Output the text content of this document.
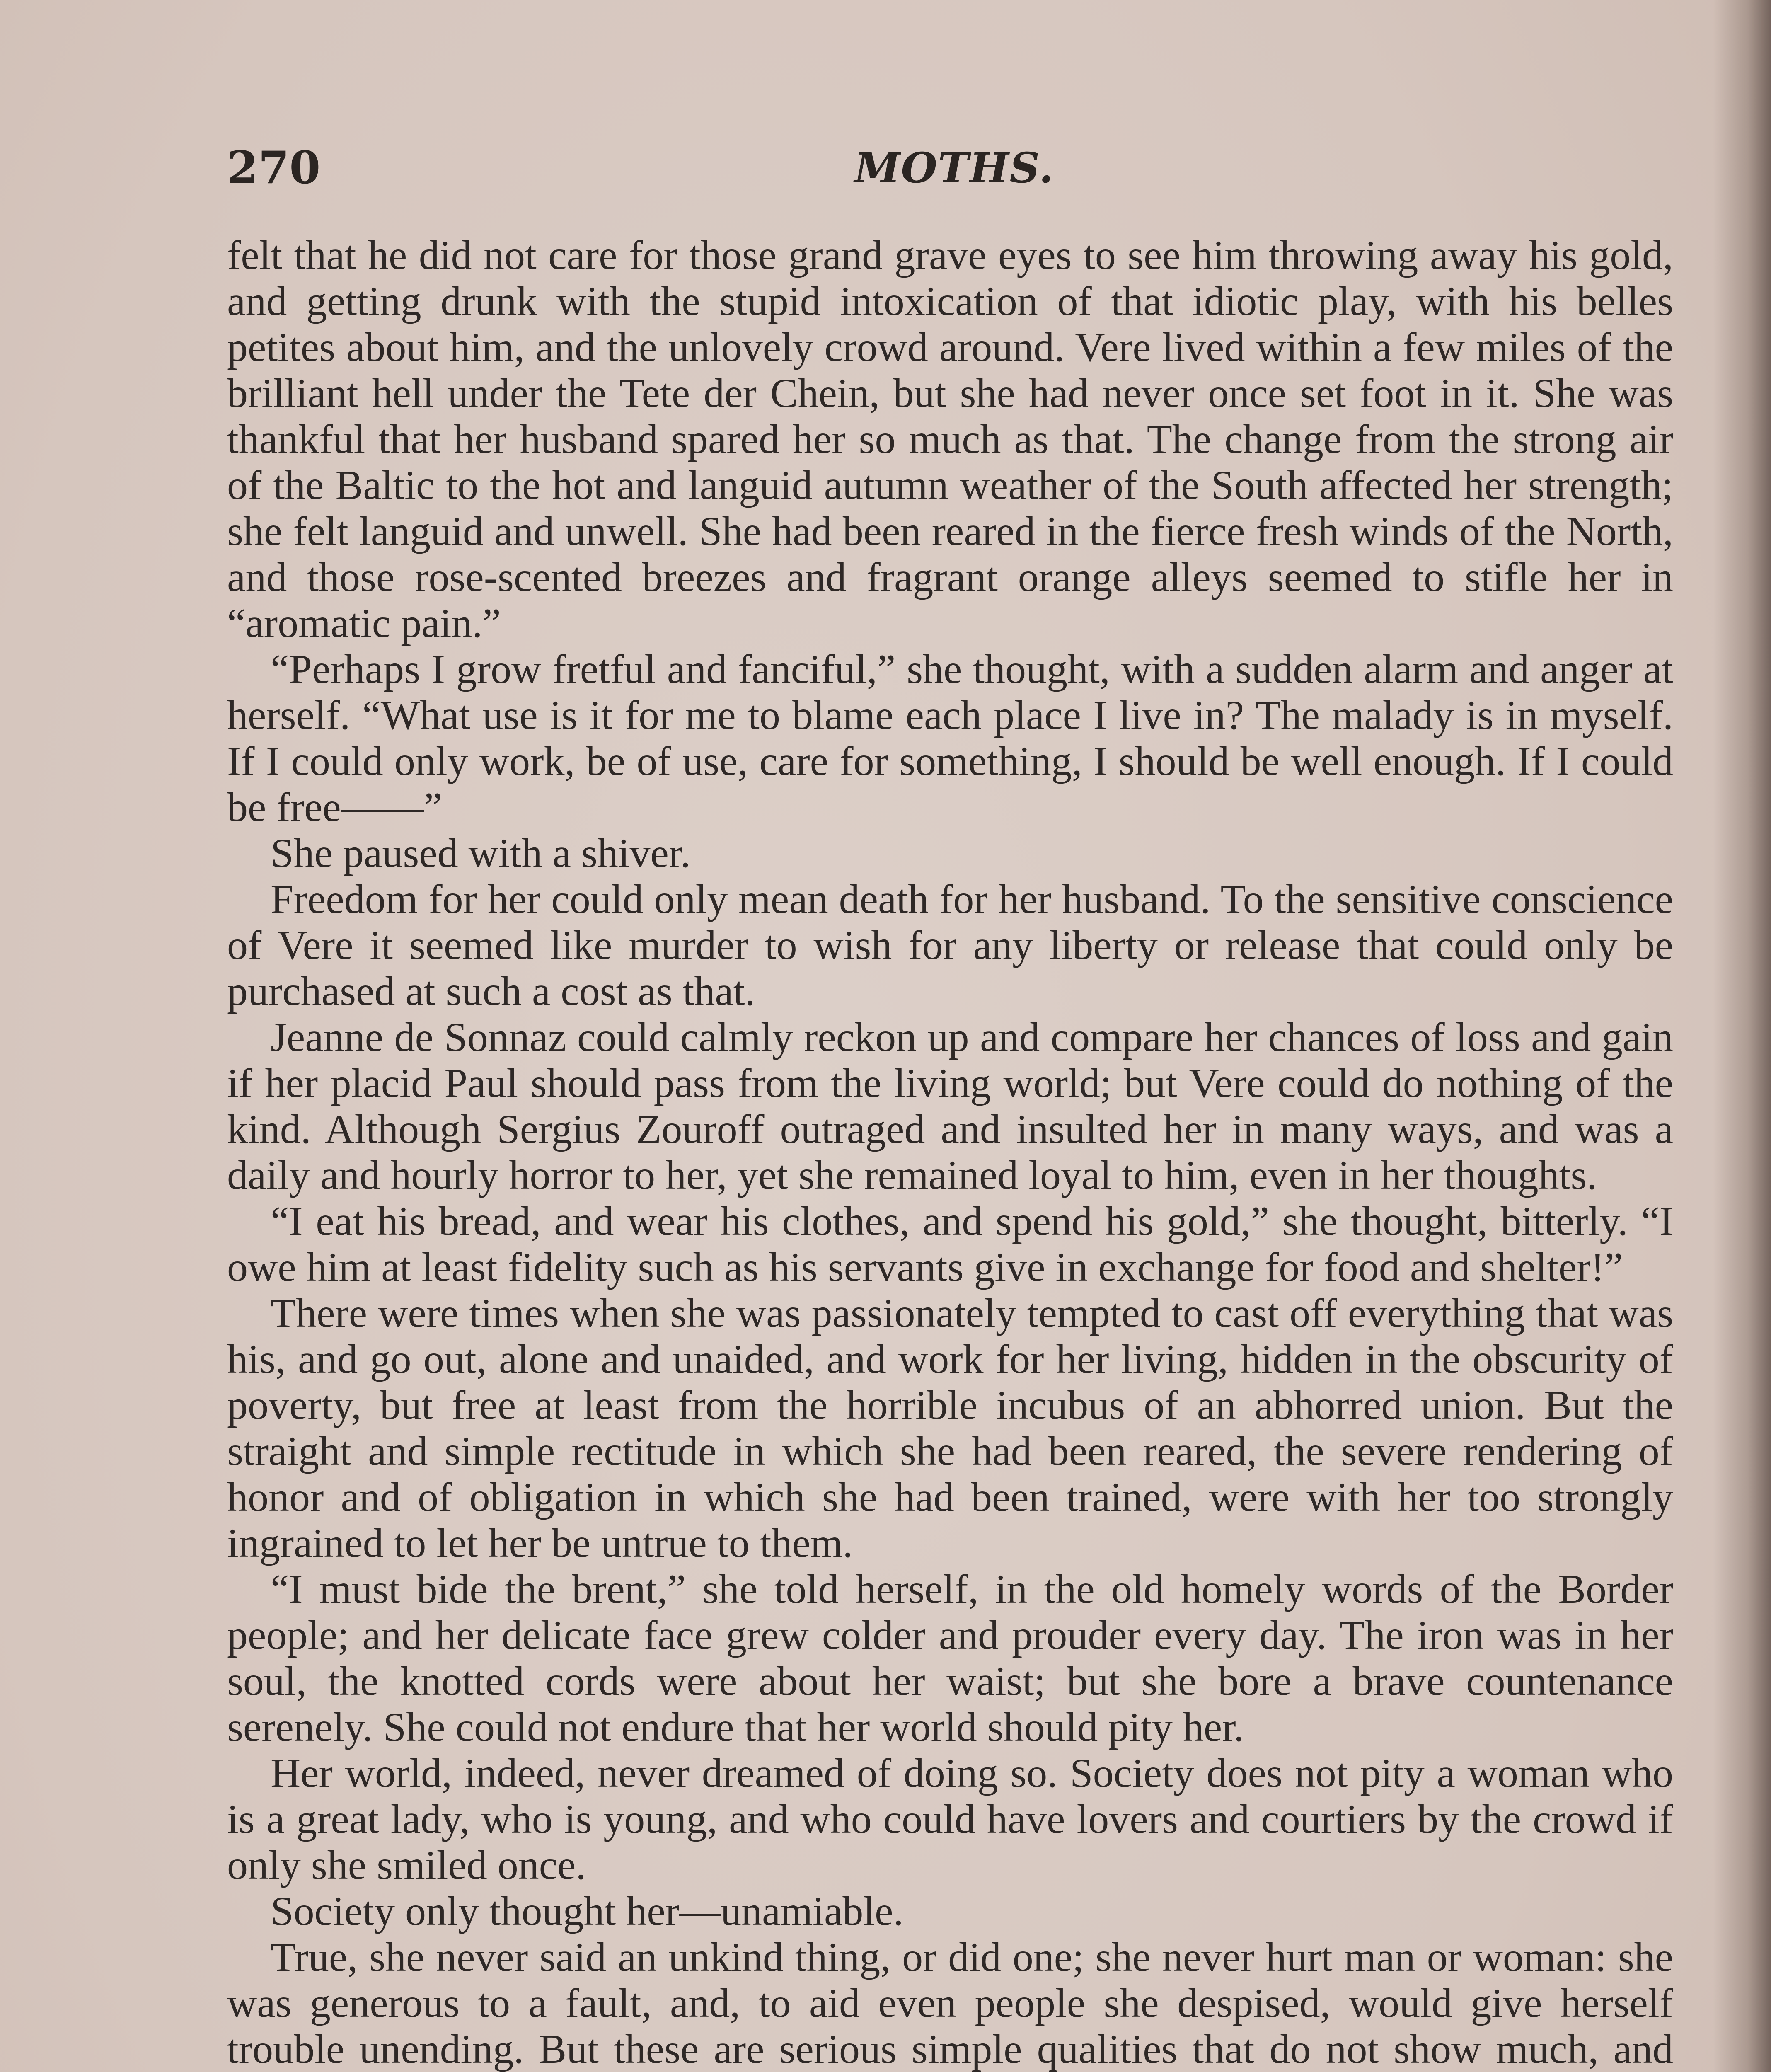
270	MOTHS.

felt that he did not care for those grand grave eyes to see him throwing away his gold, and getting drunk with the stupid intoxication of that idiotic play, with his belles petites about him, and the unlovely crowd around. Vere lived within a few miles of the brilliant hell under the Tete der Chein, but she had never once set foot in it. She was thankful that her husband spared her so much as that. The change from the strong air of the Baltic to the hot and languid autumn weather of the South affected her strength; she felt languid and unwell. She had been reared in the fierce fresh winds of the North, and those rose-scented breezes and fragrant orange alleys seemed to stifle her in “aromatic pain.”

“Perhaps I grow fretful and fanciful,” she thought, with a sudden alarm and anger at herself. “What use is it for me to blame each place I live in? The malady is in myself. If I could only work, be of use, care for something, I should be well enough. If I could be free——”

She paused with a shiver.

Freedom for her could only mean death for her husband. To the sensitive conscience of Vere it seemed like murder to wish for any liberty or release that could only be purchased at such a cost as that.

Jeanne de Sonnaz could calmly reckon up and compare her chances of loss and gain if her placid Paul should pass from the living world; but Vere could do nothing of the kind. Although Sergius Zouroff outraged and insulted her in many ways, and was a daily and hourly horror to her, yet she remained loyal to him, even in her thoughts.

“I eat his bread, and wear his clothes, and spend his gold,” she thought, bitterly. “I owe him at least fidelity such as his servants give in exchange for food and shelter!”

There were times when she was passionately tempted to cast off everything that was his, and go out, alone and unaided, and work for her living, hidden in the obscurity of poverty, but free at least from the horrible incubus of an abhorred union. But the straight and simple rectitude in which she had been reared, the severe rendering of honor and of obligation in which she had been trained, were with her too strongly ingrained to let her be untrue to them.

“I must bide the brent,” she told herself, in the old homely words of the Border people; and her delicate face grew colder and prouder every day. The iron was in her soul, the knotted cords were about her waist; but she bore a brave countenance serenely. She could not endure that her world should pity her.

Her world, indeed, never dreamed of doing so. Society does not pity a woman who is a great lady, who is young, and who could have lovers and courtiers by the crowd if only she smiled once.

Society only thought her—unamiable.

True, she never said an unkind thing, or did one; she never hurt man or woman: she was generous to a fault, and, to aid even people she despised, would give herself trouble unending. But these are serious simple qualities that do not show much, and
